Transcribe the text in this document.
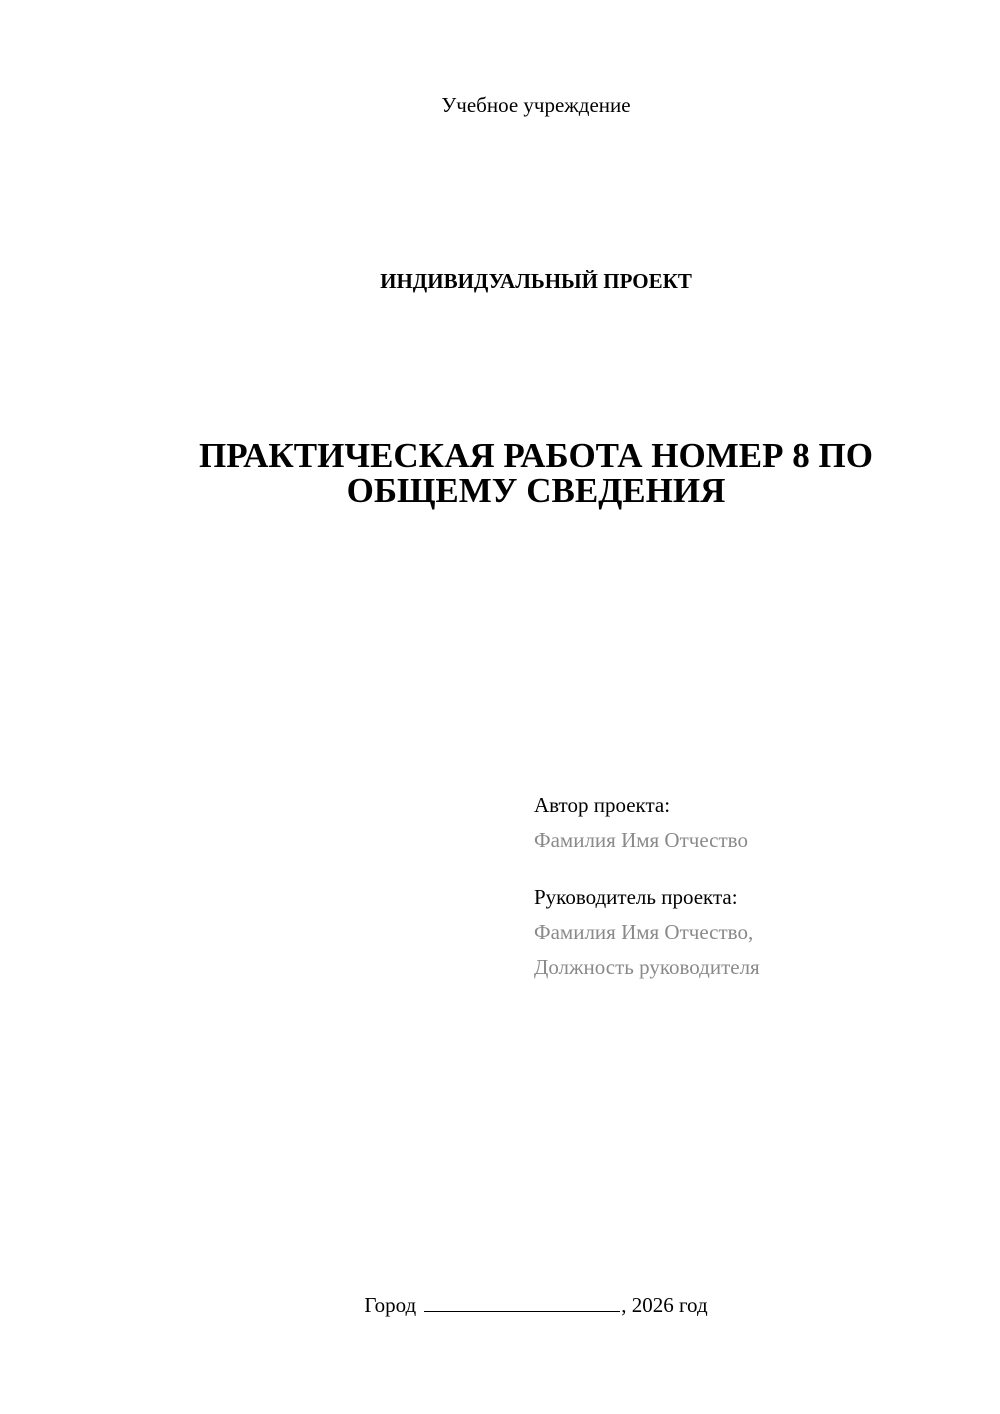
Учебное учреждение
ИНДИВИДУАЛЬНЫЙ ПРОЕКТ
ПРАКТИЧЕСКАЯ РАБОТА НОМЕР 8 ПО
ОБЩЕМУ СВЕДЕНИЯ
Автор проекта:
Фамилия Имя Отчество
Руководитель проекта:
Фамилия Имя Отчество,
Должность руководителя
Город	, 2026 год
